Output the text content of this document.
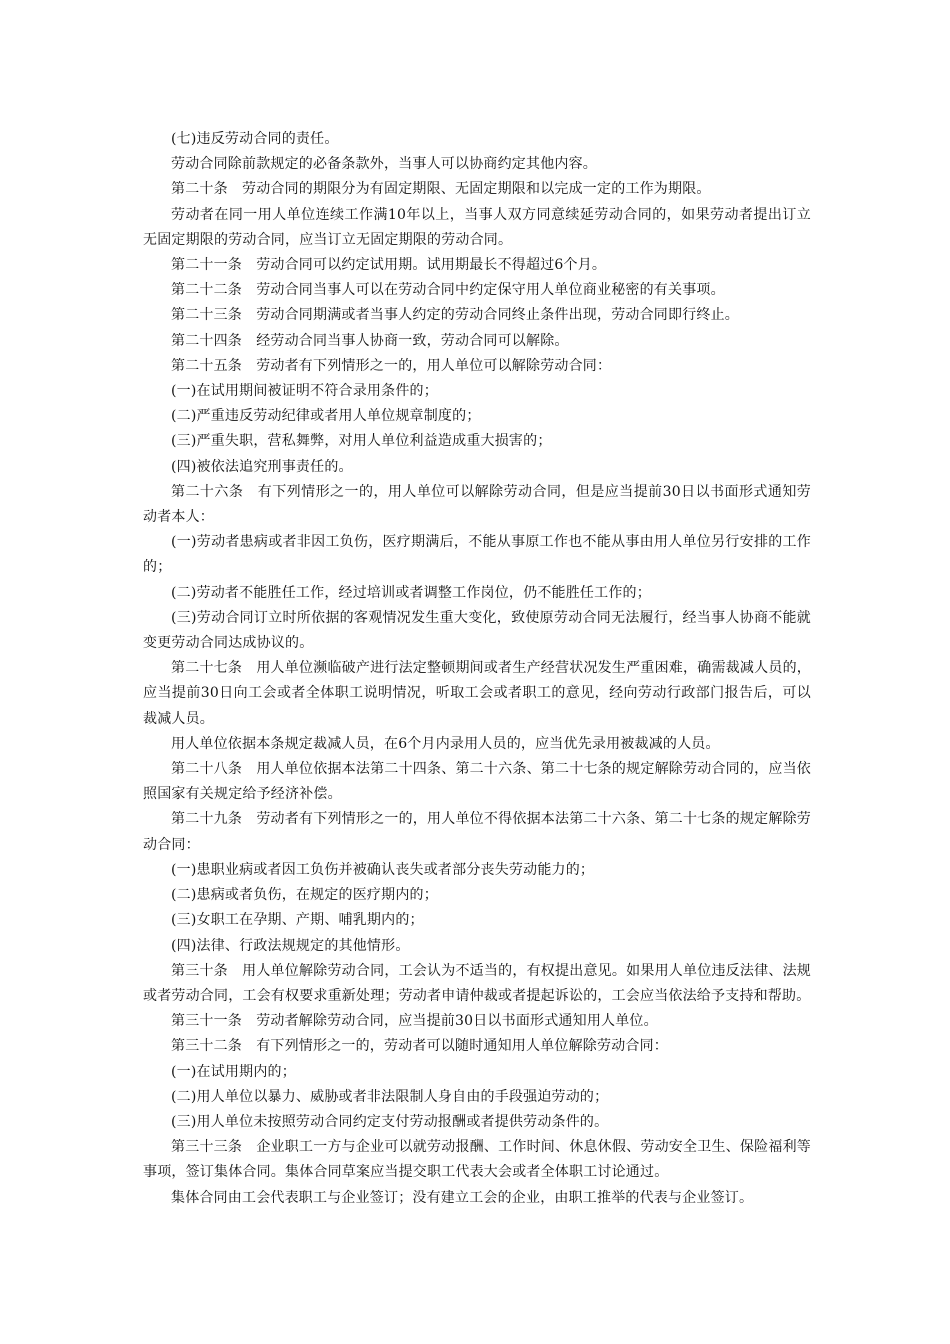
(七)违反劳动合同的责任。

劳动合同除前款规定的必备条款外，当事人可以协商约定其他内容。

第二十条　劳动合同的期限分为有固定期限、无固定期限和以完成一定的工作为期限。

劳动者在同一用人单位连续工作满10年以上，当事人双方同意续延劳动合同的，如果劳动者提出订立无固定期限的劳动合同，应当订立无固定期限的劳动合同。

第二十一条　劳动合同可以约定试用期。试用期最长不得超过6个月。

第二十二条　劳动合同当事人可以在劳动合同中约定保守用人单位商业秘密的有关事项。

第二十三条　劳动合同期满或者当事人约定的劳动合同终止条件出现，劳动合同即行终止。

第二十四条　经劳动合同当事人协商一致，劳动合同可以解除。

第二十五条　劳动者有下列情形之一的，用人单位可以解除劳动合同：

(一)在试用期间被证明不符合录用条件的；

(二)严重违反劳动纪律或者用人单位规章制度的；

(三)严重失职，营私舞弊，对用人单位利益造成重大损害的；

(四)被依法追究刑事责任的。

第二十六条　有下列情形之一的，用人单位可以解除劳动合同，但是应当提前30日以书面形式通知劳动者本人：

(一)劳动者患病或者非因工负伤，医疗期满后，不能从事原工作也不能从事由用人单位另行安排的工作的；

(二)劳动者不能胜任工作，经过培训或者调整工作岗位，仍不能胜任工作的；

(三)劳动合同订立时所依据的客观情况发生重大变化，致使原劳动合同无法履行，经当事人协商不能就变更劳动合同达成协议的。

第二十七条　用人单位濒临破产进行法定整顿期间或者生产经营状况发生严重困难，确需裁减人员的，应当提前30日向工会或者全体职工说明情况，听取工会或者职工的意见，经向劳动行政部门报告后，可以裁减人员。

用人单位依据本条规定裁减人员，在6个月内录用人员的，应当优先录用被裁减的人员。

第二十八条　用人单位依据本法第二十四条、第二十六条、第二十七条的规定解除劳动合同的，应当依照国家有关规定给予经济补偿。

第二十九条　劳动者有下列情形之一的，用人单位不得依据本法第二十六条、第二十七条的规定解除劳动合同：

(一)患职业病或者因工负伤并被确认丧失或者部分丧失劳动能力的；

(二)患病或者负伤，在规定的医疗期内的；

(三)女职工在孕期、产期、哺乳期内的；

(四)法律、行政法规规定的其他情形。

第三十条　用人单位解除劳动合同，工会认为不适当的，有权提出意见。如果用人单位违反法律、法规或者劳动合同，工会有权要求重新处理；劳动者申请仲裁或者提起诉讼的，工会应当依法给予支持和帮助。

第三十一条　劳动者解除劳动合同，应当提前30日以书面形式通知用人单位。

第三十二条　有下列情形之一的，劳动者可以随时通知用人单位解除劳动合同：

(一)在试用期内的；

(二)用人单位以暴力、威胁或者非法限制人身自由的手段强迫劳动的；

(三)用人单位未按照劳动合同约定支付劳动报酬或者提供劳动条件的。

第三十三条　企业职工一方与企业可以就劳动报酬、工作时间、休息休假、劳动安全卫生、保险福利等事项，签订集体合同。集体合同草案应当提交职工代表大会或者全体职工讨论通过。

集体合同由工会代表职工与企业签订；没有建立工会的企业，由职工推举的代表与企业签订。
